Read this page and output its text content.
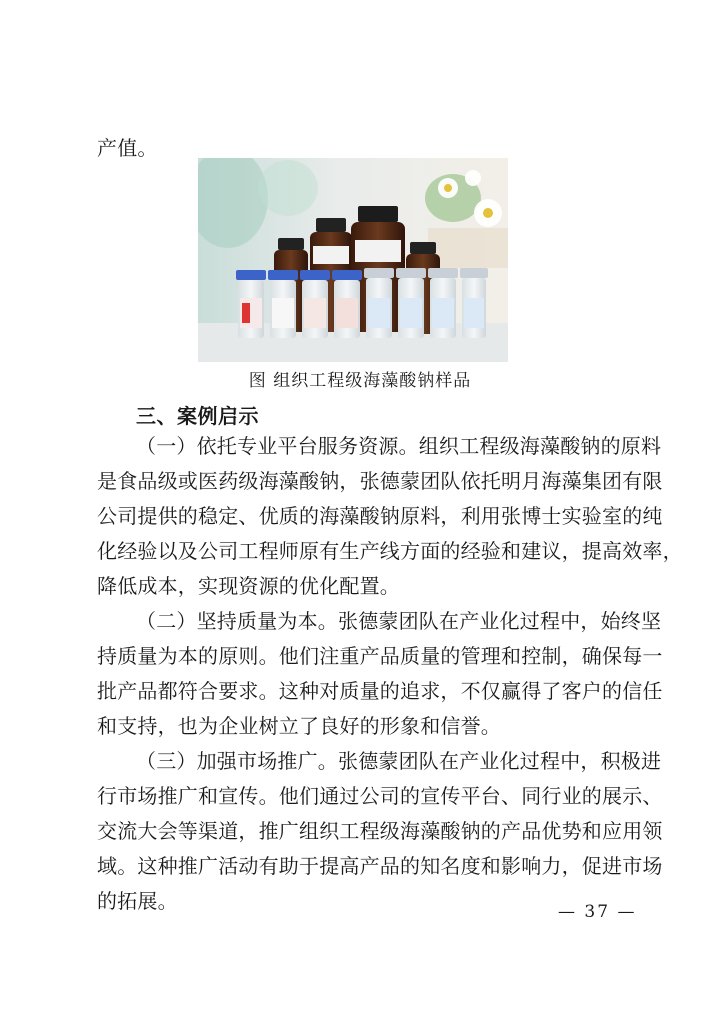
产值。
图 组织工程级海藻酸钠样品
三、案例启示
（一）依托专业平台服务资源。组织工程级海藻酸钠的原料
是食品级或医药级海藻酸钠，张德蒙团队依托明月海藻集团有限
公司提供的稳定、优质的海藻酸钠原料，利用张博士实验室的纯
化经验以及公司工程师原有生产线方面的经验和建议，提高效率，
降低成本，实现资源的优化配置。
（二）坚持质量为本。张德蒙团队在产业化过程中，始终坚
持质量为本的原则。他们注重产品质量的管理和控制，确保每一
批产品都符合要求。这种对质量的追求，不仅赢得了客户的信任
和支持，也为企业树立了良好的形象和信誉。
（三）加强市场推广。张德蒙团队在产业化过程中，积极进
行市场推广和宣传。他们通过公司的宣传平台、同行业的展示、
交流大会等渠道，推广组织工程级海藻酸钠的产品优势和应用领
域。这种推广活动有助于提高产品的知名度和影响力，促进市场
的拓展。	— 37 —
